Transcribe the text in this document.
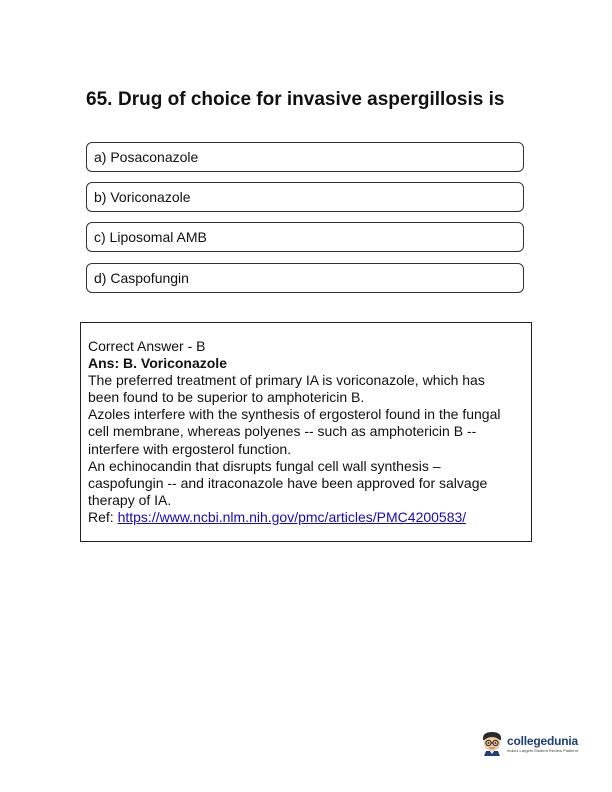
65. Drug of choice for invasive aspergillosis is
a) Posaconazole
b) Voriconazole
c) Liposomal AMB
d) Caspofungin
Correct Answer - B
Ans: B. Voriconazole
The preferred treatment of primary IA is voriconazole, which has
been found to be superior to amphotericin B.
Azoles interfere with the synthesis of ergosterol found in the fungal
cell membrane, whereas polyenes -- such as amphotericin B --
interfere with ergosterol function.
An echinocandin that disrupts fungal cell wall synthesis –
caspofungin -- and itraconazole have been approved for salvage
therapy of IA.
Ref: https://www.ncbi.nlm.nih.gov/pmc/articles/PMC4200583/
collegedunia
India's Largest Student Review Platform
